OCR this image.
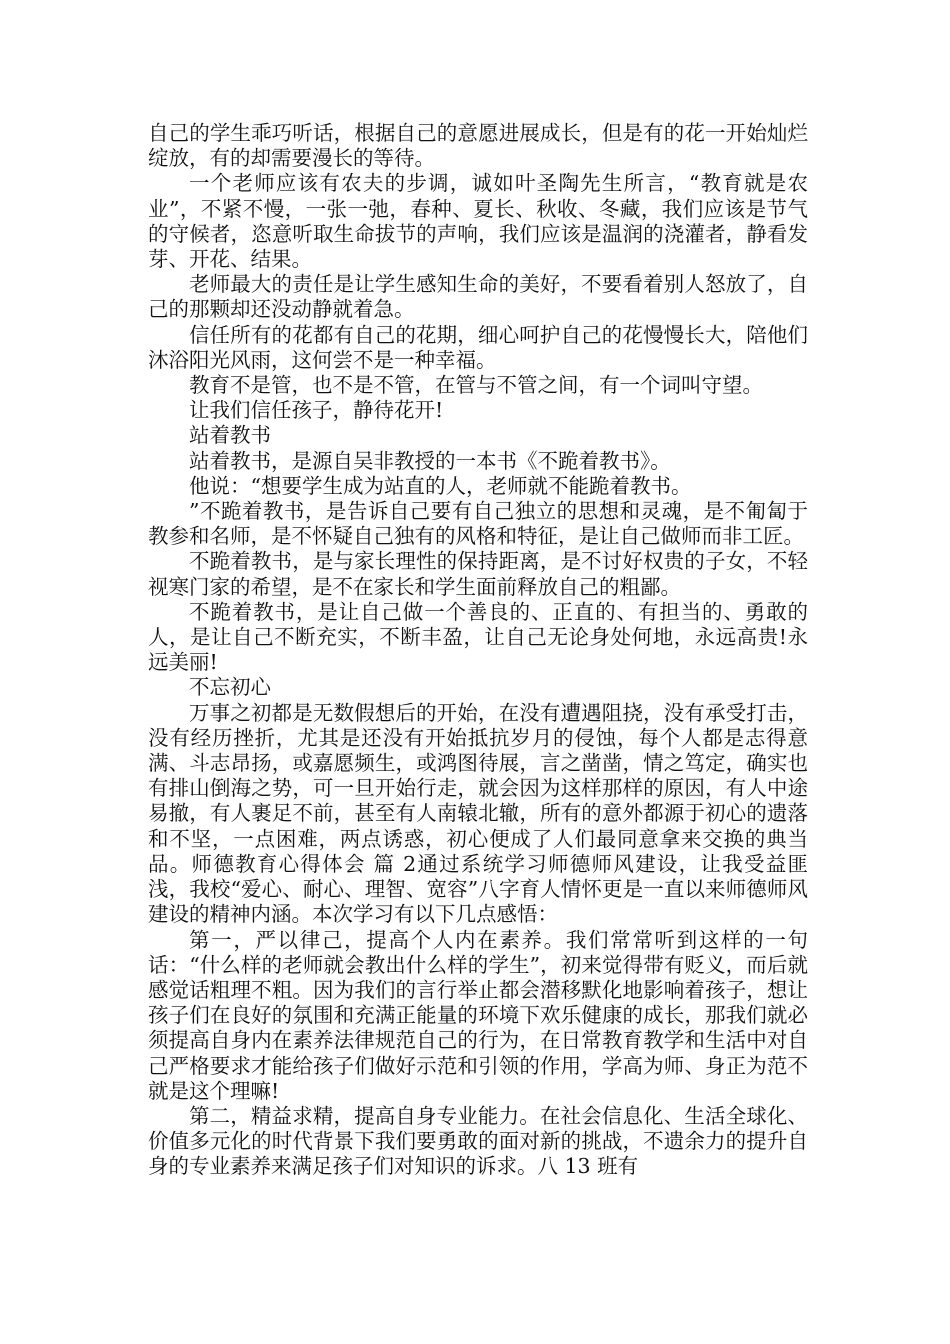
自己的学生乖巧听话，根据自己的意愿进展成长，但是有的花一开始灿烂绽放，有的却需要漫长的等待。

一个老师应该有农夫的步调，诚如叶圣陶先生所言，“教育就是农业”，不紧不慢，一张一弛，春种、夏长、秋收、冬藏，我们应该是节气的守候者，恣意听取生命拔节的声响，我们应该是温润的浇灌者，静看发芽、开花、结果。

老师最大的责任是让学生感知生命的美好，不要看着别人怒放了，自己的那颗却还没动静就着急。

信任所有的花都有自己的花期，细心呵护自己的花慢慢长大，陪他们沐浴阳光风雨，这何尝不是一种幸福。

教育不是管，也不是不管，在管与不管之间，有一个词叫守望。

让我们信任孩子，静待花开!

站着教书

站着教书，是源自吴非教授的一本书《不跪着教书》。

他说：“想要学生成为站直的人，老师就不能跪着教书。

”不跪着教书，是告诉自己要有自己独立的思想和灵魂，是不匍匐于教参和名师，是不怀疑自己独有的风格和特征，是让自己做师而非工匠。

不跪着教书，是与家长理性的保持距离，是不讨好权贵的子女，不轻视寒门家的希望，是不在家长和学生面前释放自己的粗鄙。

不跪着教书，是让自己做一个善良的、正直的、有担当的、勇敢的人，是让自己不断充实，不断丰盈，让自己无论身处何地，永远高贵!永远美丽!

不忘初心

万事之初都是无数假想后的开始，在没有遭遇阻挠，没有承受打击，没有经历挫折，尤其是还没有开始抵抗岁月的侵蚀，每个人都是志得意满、斗志昂扬，或嘉愿频生，或鸿图待展，言之凿凿，情之笃定，确实也有排山倒海之势，可一旦开始行走，就会因为这样那样的原因，有人中途易撤，有人裹足不前，甚至有人南辕北辙，所有的意外都源于初心的遗落和不坚，一点困难，两点诱惑，初心便成了人们最同意拿来交换的典当品。师德教育心得体会 篇 2通过系统学习师德师风建设，让我受益匪浅，我校“爱心、耐心、理智、宽容”八字育人情怀更是一直以来师德师风建设的精神内涵。本次学习有以下几点感悟：

第一，严以律己，提高个人内在素养。我们常常听到这样的一句话：“什么样的老师就会教出什么样的学生”，初来觉得带有贬义，而后就感觉话粗理不粗。因为我们的言行举止都会潜移默化地影响着孩子，想让孩子们在良好的氛围和充满正能量的环境下欢乐健康的成长，那我们就必须提高自身内在素养法律规范自己的行为，在日常教育教学和生活中对自己严格要求才能给孩子们做好示范和引领的作用，学高为师、身正为范不就是这个理嘛!

第二，精益求精，提高自身专业能力。在社会信息化、生活全球化、价值多元化的时代背景下我们要勇敢的面对新的挑战，不遗余力的提升自身的专业素养来满足孩子们对知识的诉求。八 13 班有
